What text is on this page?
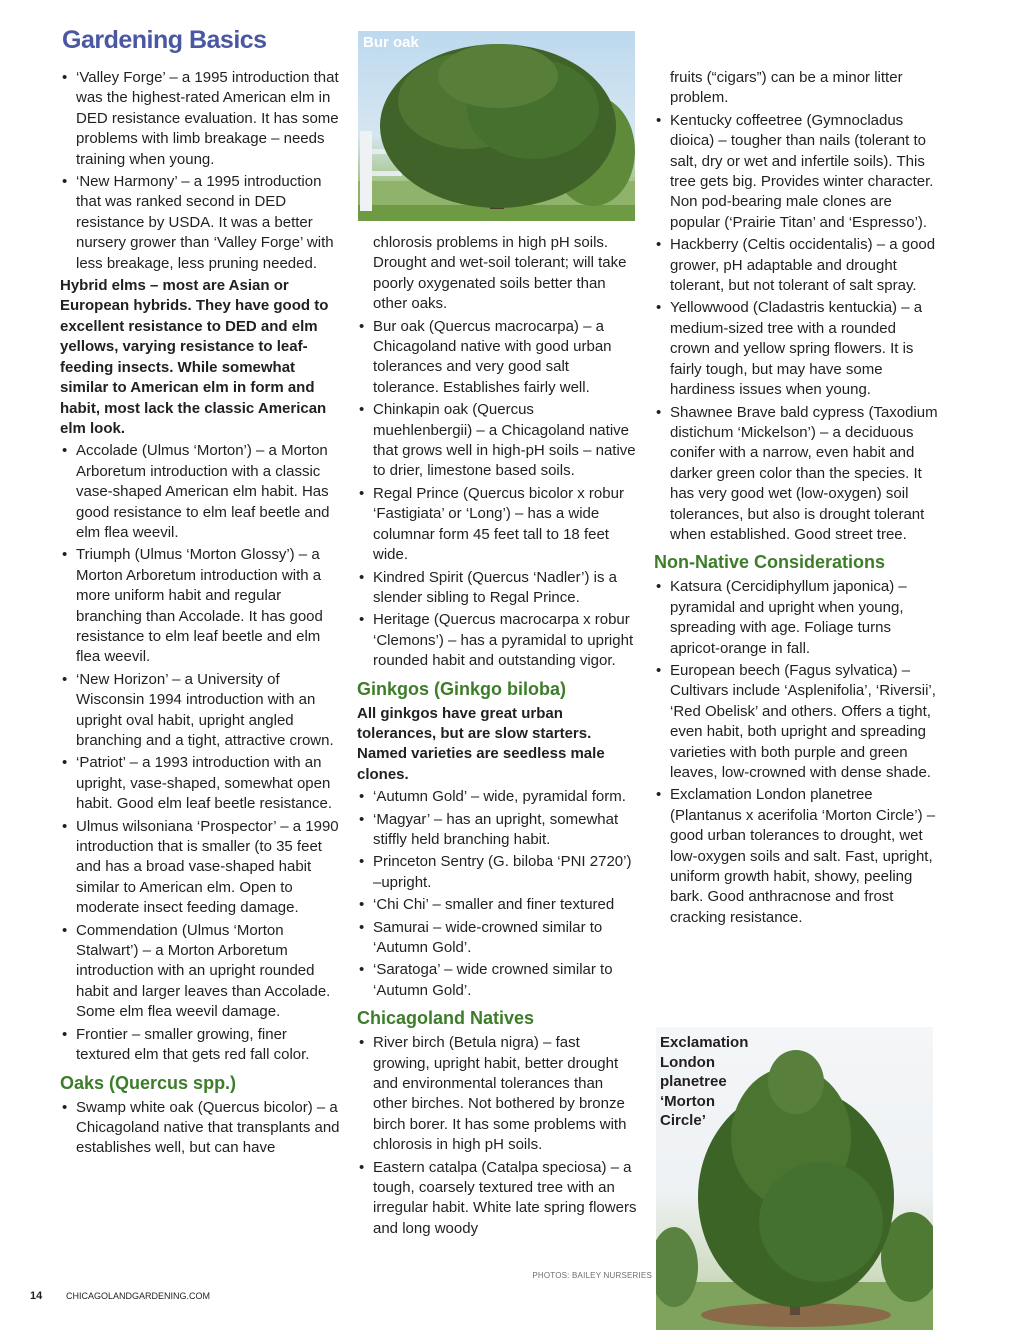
Gardening Basics
• ‘Valley Forge’ – a 1995 introduction that was the highest-rated American elm in DED resistance evaluation. It has some problems with limb breakage – needs training when young.
• ‘New Harmony’ – a 1995 introduction that was ranked second in DED resistance by USDA. It was a better nursery grower than ‘Valley Forge’ with less breakage, less pruning needed.

Hybrid elms – most are Asian or European hybrids. They have good to excellent resistance to DED and elm yellows, varying resistance to leaf-feeding insects. While somewhat similar to American elm in form and habit, most lack the classic American elm look.

• Accolade (Ulmus ‘Morton’) – a Morton Arboretum introduction with a classic vase-shaped American elm habit. Has good resistance to elm leaf beetle and elm flea weevil.
• Triumph (Ulmus ‘Morton Glossy’) – a Morton Arboretum introduction with a more uniform habit and regular branching than Accolade. It has good resistance to elm leaf beetle and elm flea weevil.
• ‘New Horizon’ – a University of Wisconsin 1994 introduction with an upright oval habit, upright angled branching and a tight, attractive crown.
• ‘Patriot’ – a 1993 introduction with an upright, vase-shaped, somewhat open habit. Good elm leaf beetle resistance.
• Ulmus wilsoniana ‘Prospector’ – a 1990 introduction that is smaller (to 35 feet and has a broad vase-shaped habit similar to American elm. Open to moderate insect feeding damage.
• Commendation (Ulmus ‘Morton Stalwart’) – a Morton Arboretum introduction with an upright rounded habit and larger leaves than Accolade. Some elm flea weevil damage.
• Frontier – smaller growing, finer textured elm that gets red fall color.
Oaks (Quercus spp.)
• Swamp white oak (Quercus bicolor) – a Chicagoland native that transplants and establishes well, but can have
Bur oak

chlorosis problems in high pH soils. Drought and wet-soil tolerant; will take poorly oxygenated soils better than other oaks.

• Bur oak (Quercus macrocarpa) – a Chicagoland native with good urban tolerances and very good salt tolerance. Establishes fairly well.
• Chinkapin oak (Quercus muehlenbergii) – a Chicagoland native that grows well in high-pH soils – native to drier, limestone based soils.
• Regal Prince (Quercus bicolor x robur ‘Fastigiata’ or ‘Long’) – has a wide columnar form 45 feet tall to 18 feet wide.
• Kindred Spirit (Quercus ‘Nadler’) is a slender sibling to Regal Prince.
• Heritage (Quercus macrocarpa x robur ‘Clemons’) – has a pyramidal to upright rounded habit and outstanding vigor.
Ginkgos (Ginkgo biloba)

All ginkgos have great urban tolerances, but are slow starters. Named varieties are seedless male clones.

• ‘Autumn Gold’ – wide, pyramidal form.
• ‘Magyar’ – has an upright, somewhat stiffly held branching habit.
• Princeton Sentry (G. biloba ‘PNI 2720’) –upright.
• ‘Chi Chi’ – smaller and finer textured
• Samurai – wide-crowned similar to ‘Autumn Gold’.
• ‘Saratoga’ – wide crowned similar to ‘Autumn Gold’.
Chicagoland Natives
• River birch (Betula nigra) – fast growing, upright habit, better drought and environmental tolerances than other birches. Not bothered by bronze birch borer. It has some problems with chlorosis in high pH soils.
• Eastern catalpa (Catalpa speciosa) – a tough, coarsely textured tree with an irregular habit. White late spring flowers and long woody

fruits (“cigars”) can be a minor litter problem.

• Kentucky coffeetree (Gymnocladus dioica) – tougher than nails (tolerant to salt, dry or wet and infertile soils). This tree gets big. Provides winter character. Non pod-bearing male clones are popular (‘Prairie Titan’ and ‘Espresso’).
• Hackberry (Celtis occidentalis) – a good grower, pH adaptable and drought tolerant, but not tolerant of salt spray.
• Yellowwood (Cladastris kentuckia) – a medium-sized tree with a rounded crown and yellow spring flowers. It is fairly tough, but may have some hardiness issues when young.
• Shawnee Brave bald cypress (Taxodium distichum ‘Mickelson’) – a deciduous conifer with a narrow, even habit and darker green color than the species. It has very good wet (low-oxygen) soil tolerances, but also is drought tolerant when established. Good street tree.
Non-Native Considerations
• Katsura (Cercidiphyllum japonica) – pyramidal and upright when young, spreading with age. Foliage turns apricot-orange in fall.
• European beech (Fagus sylvatica) – Cultivars include ‘Asplenifolia’, ‘Riversii’, ‘Red Obelisk’ and others. Offers a tight, even habit, both upright and spreading varieties with both purple and green leaves, low-crowned with dense shade.
• Exclamation London planetree (Plantanus x acerifolia ‘Morton Circle’) – good urban tolerances to drought, wet low-oxygen soils and salt. Fast, upright, uniform growth habit, showy, peeling bark. Good anthracnose and frost cracking resistance.
Exclamation London planetree ‘Morton Circle’
PHOTOS: BAILEY NURSERIES
14	CHICAGOLANDGARDENING.COM
